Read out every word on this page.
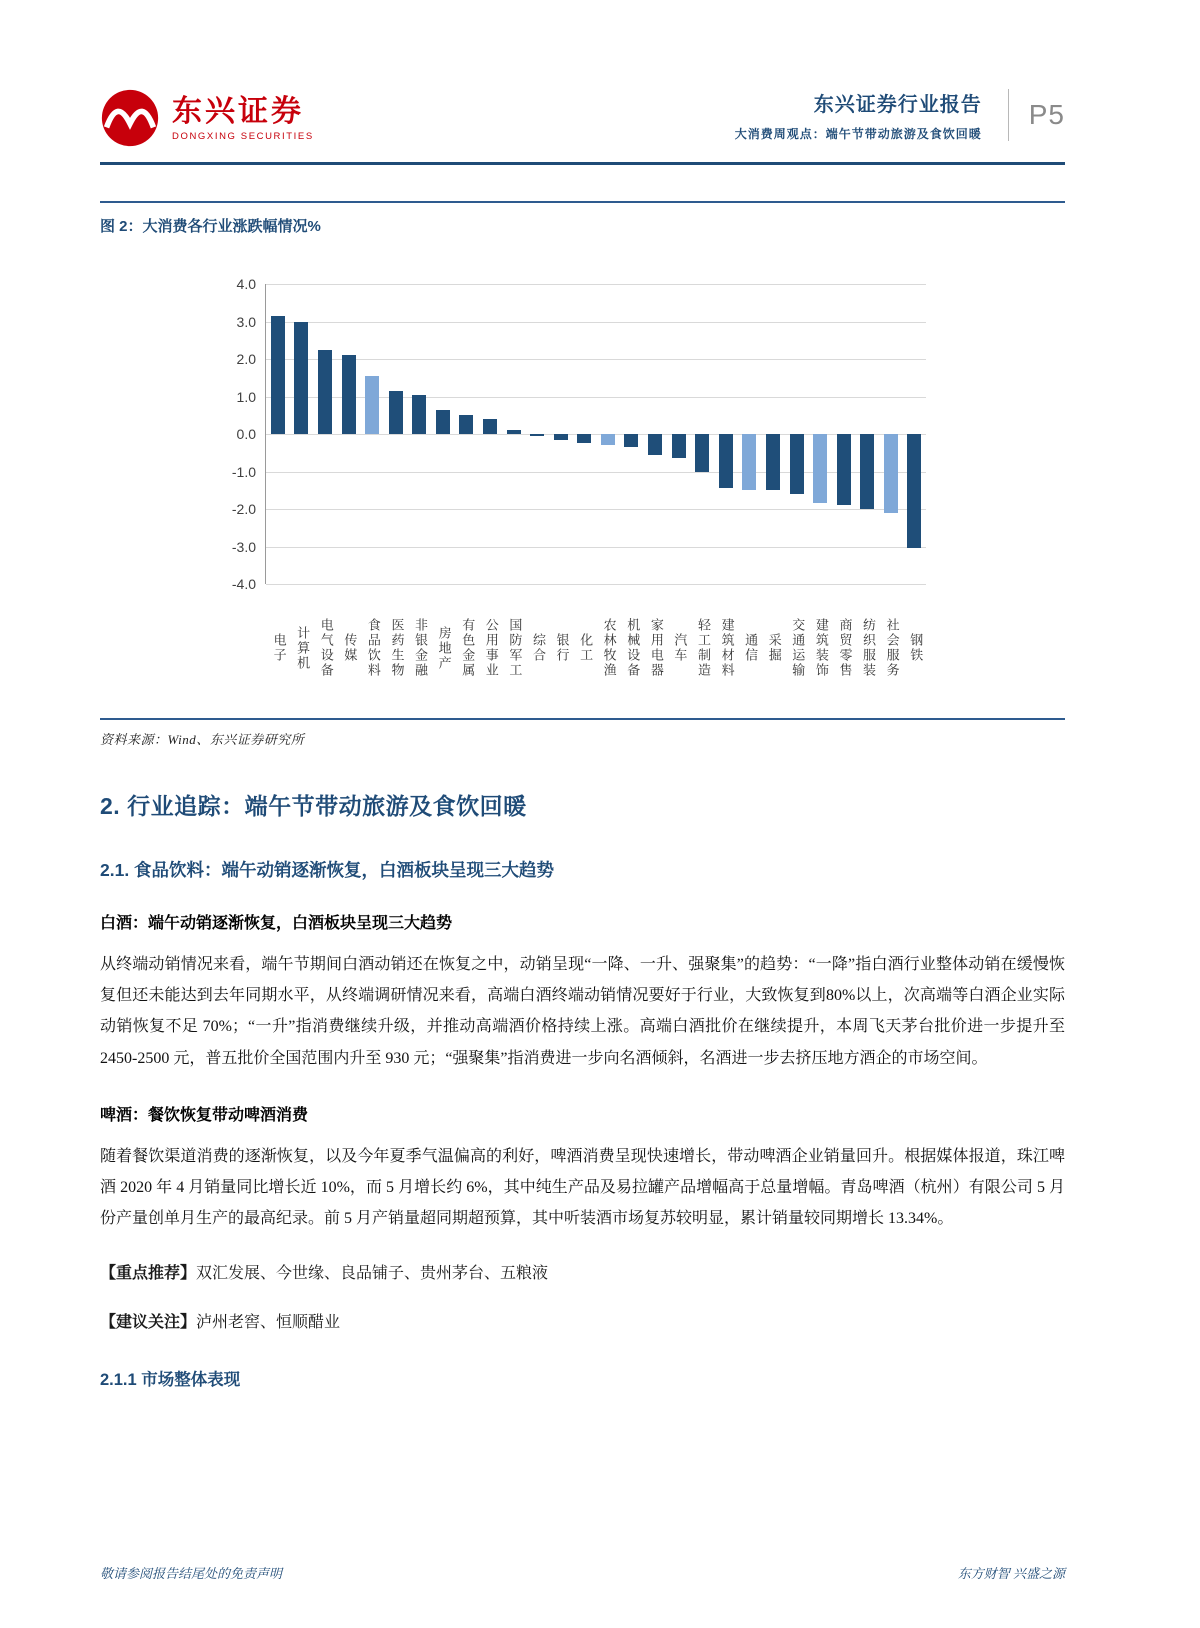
东兴证券
DONGXING SECURITIES
东兴证券行业报告
大消费周观点：端午节带动旅游及食饮回暖
P5
图 2：大消费各行业涨跌幅情况%
4.0
3.0
2.0
1.0
0.0
-1.0
-2.0
-3.0
-4.0
电子 计算机 电气设备 传媒 食品饮料 医药生物 非银金融 房地产 有色金属 公用事业 国防军工 综合 银行 化工 农林牧渔 机械设备 家用电器 汽车 轻工制造 建筑材料 通信 采掘 交通运输 建筑装饰 商贸零售 纺织服装 社会服务 钢铁
资料来源：Wind、东兴证券研究所
2. 行业追踪：端午节带动旅游及食饮回暖
2.1. 食品饮料：端午动销逐渐恢复，白酒板块呈现三大趋势
白酒：端午动销逐渐恢复，白酒板块呈现三大趋势
从终端动销情况来看，端午节期间白酒动销还在恢复之中，动销呈现“一降、一升、强聚集”的趋势：“一降”指白酒行业整体动销在缓慢恢复但还未能达到去年同期水平，从终端调研情况来看，高端白酒终端动销情况要好于行业，大致恢复到80%以上，次高端等白酒企业实际动销恢复不足 70%；“一升”指消费继续升级，并推动高端酒价格持续上涨。高端白酒批价在继续提升，本周飞天茅台批价进一步提升至 2450-2500 元，普五批价全国范围内升至 930 元；“强聚集”指消费进一步向名酒倾斜，名酒进一步去挤压地方酒企的市场空间。
啤酒：餐饮恢复带动啤酒消费
随着餐饮渠道消费的逐渐恢复，以及今年夏季气温偏高的利好，啤酒消费呈现快速增长，带动啤酒企业销量回升。根据媒体报道，珠江啤酒 2020 年 4 月销量同比增长近 10%，而 5 月增长约 6%，其中纯生产品及易拉罐产品增幅高于总量增幅。青岛啤酒（杭州）有限公司 5 月份产量创单月生产的最高纪录。前 5 月产销量超同期超预算，其中听装酒市场复苏较明显，累计销量较同期增长 13.34%。
【重点推荐】双汇发展、今世缘、良品铺子、贵州茅台、五粮液
【建议关注】泸州老窖、恒顺醋业
2.1.1 市场整体表现
敬请参阅报告结尾处的免责声明	东方财智 兴盛之源
